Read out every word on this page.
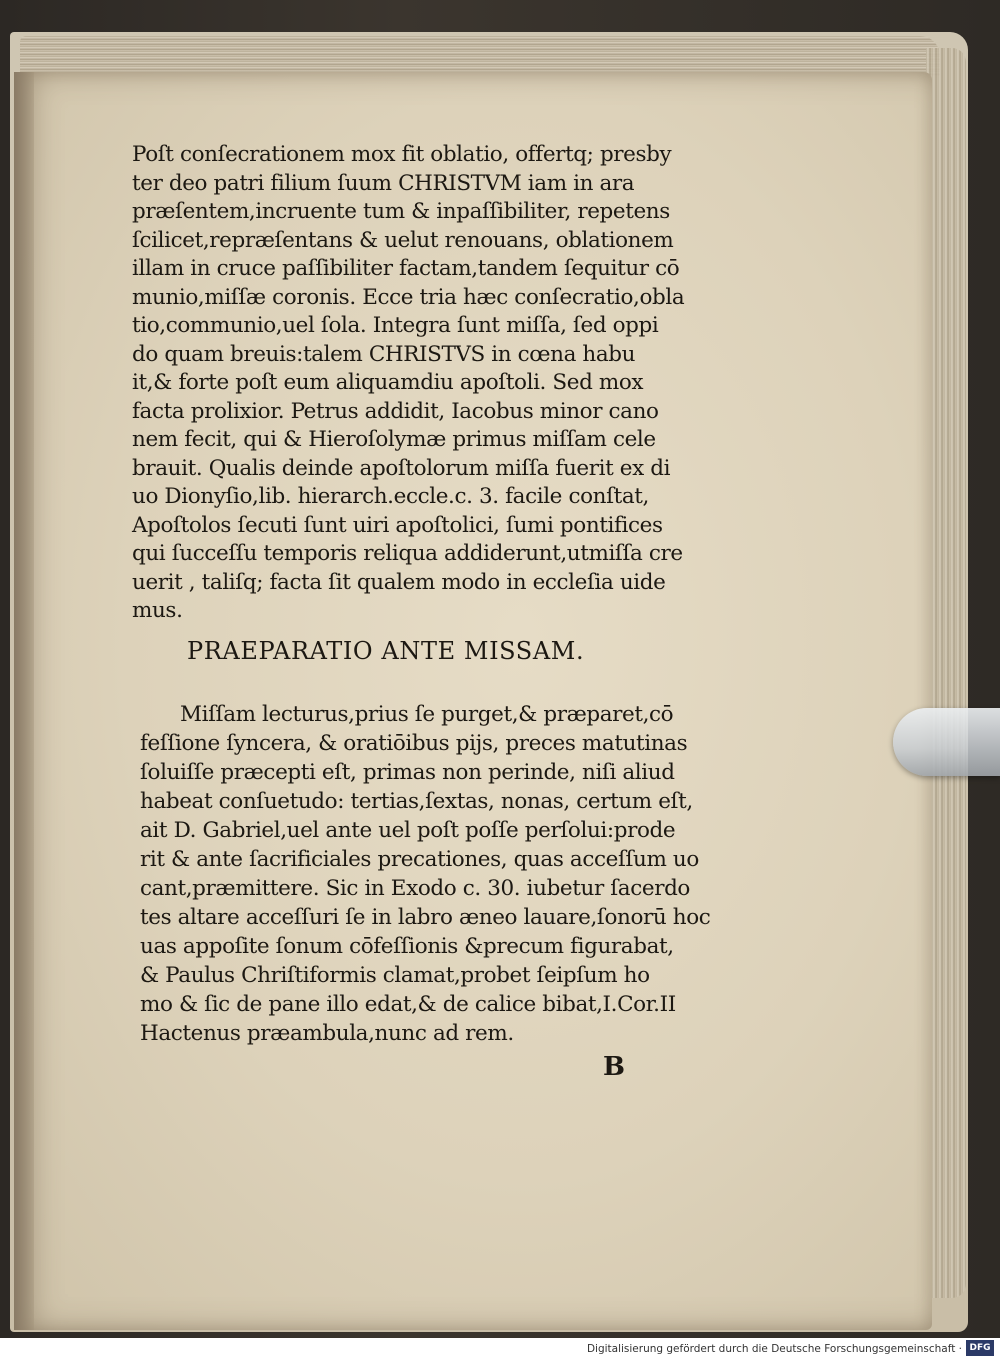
Poſt conſecrationem mox fit oblatio, offertq; presby
ter deo patri filium ſuum CHRISTVM iam in ara
præſentem,incruente tum & inpaſſibiliter, repetens
ſcilicet,repræſentans & uelut renouans, oblationem
illam in cruce paſſibiliter factam,tandem ſequitur cō
munio,miſſæ coronis. Ecce tria hæc conſecratio,obla
tio,communio,uel ſola. Integra ſunt miſſa, ſed oppi
do quam breuis:talem CHRISTVS in cœna habu
it,& forte poſt eum aliquamdiu apoſtoli. Sed mox
facta prolixior. Petrus addidit, Iacobus minor cano
nem fecit, qui & Hieroſolymæ primus miſſam cele
brauit. Qualis deinde apoſtolorum miſſa fuerit ex di
uo Dionyſio,lib. hierarch.eccle.c. 3. facile conſtat,
Apoſtolos ſecuti ſunt uiri apoſtolici, ſumi pontifices
qui ſucceſſu temporis reliqua addiderunt,utmiſſa cre
uerit , taliſq; facta ſit qualem modo in eccleſia uide
mus.
PRAEPARATIO ANTE MISSAM.
Miſſam lecturus,prius ſe purget,& præparet,cō
feſſione ſyncera, & oratiōibus pijs, preces matutinas
ſoluiſſe præcepti eſt, primas non perinde, niſi aliud
habeat conſuetudo: tertias,ſextas, nonas, certum eſt,
ait D. Gabriel,uel ante uel poſt poſſe perſolui:prode
rit & ante ſacrificiales precationes, quas acceſſum uo
cant,præmittere. Sic in Exodo c. 30. iubetur ſacerdo
tes altare acceſſuri ſe in labro æneo lauare,ſonorū hoc
uas appoſite ſonum cōfeſſionis &precum figurabat,
& Paulus Chriſtiformis clamat,probet ſeipſum ho
mo & ſic de pane illo edat,& de calice bibat,I.Cor.II
Hactenus præambula,nunc ad rem.
B
Digitalisierung gefördert durch die Deutsche Forschungsgemeinschaft · DFG
